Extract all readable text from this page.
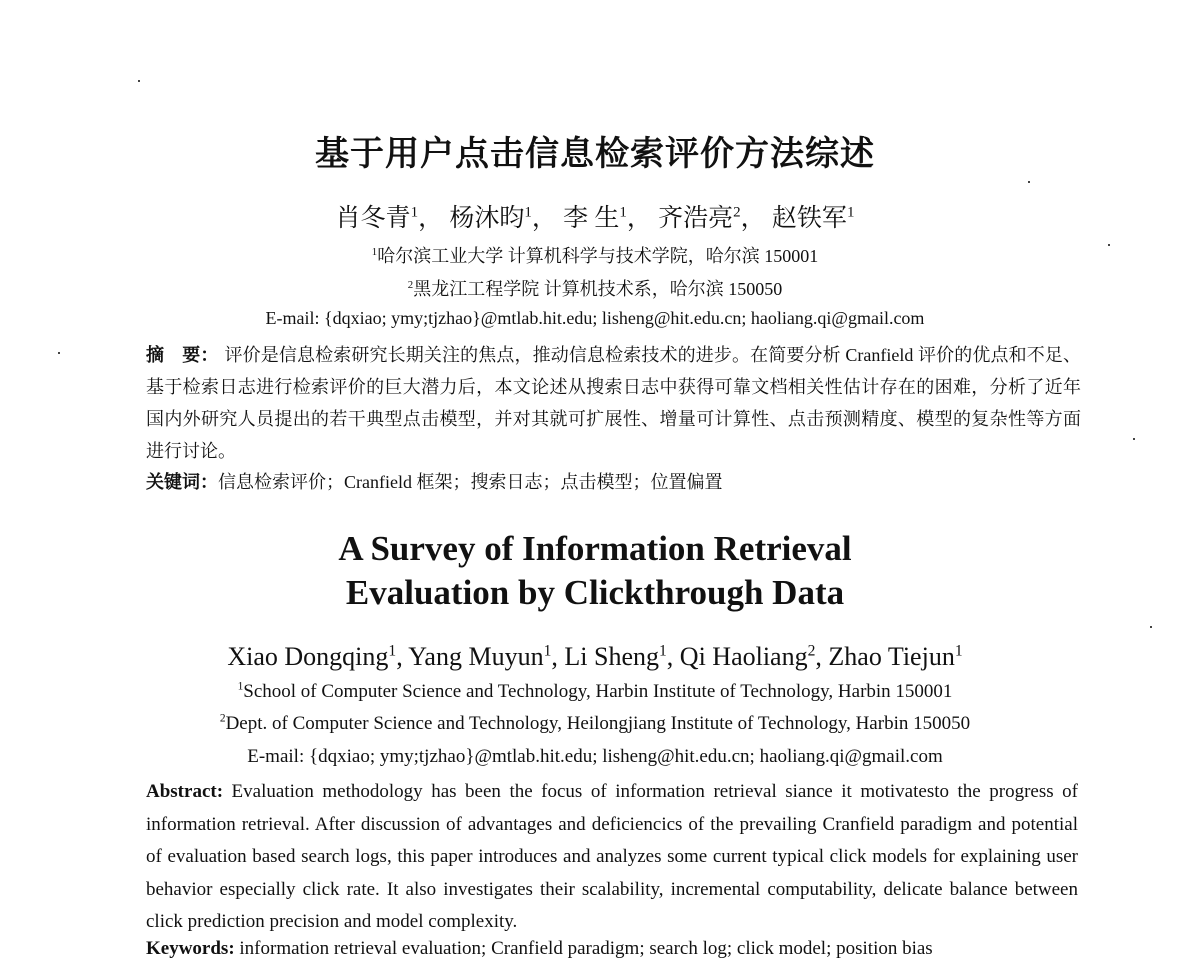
基于用户点击信息检索评价方法综述
肖冬青$^1$， 杨沐昀$^1$， 李 生$^1$， 齐浩亮$^2$， 赵铁军$^1$
$^1$哈尔滨工业大学 计算机科学与技术学院，哈尔滨 150001
$^2$黑龙江工程学院 计算机技术系，哈尔滨 150050
E-mail: {dqxiao; ymy;tjzhao}@mtlab.hit.edu; lisheng@hit.edu.cn; haoliang.qi@gmail.com
摘　要： 评价是信息检索研究长期关注的焦点，推动信息检索技术的进步。在简要分析 Cranfield 评价的优点和不足、基于检索日志进行检索评价的巨大潜力后，本文论述从搜索日志中获得可靠文档相关性估计存在的困难，分析了近年国内外研究人员提出的若干典型点击模型，并对其就可扩展性、增量可计算性、点击预测精度、模型的复杂性等方面进行讨论。
关键词：信息检索评价；Cranfield 框架；搜索日志；点击模型；位置偏置
A Survey of Information Retrieval Evaluation by Clickthrough Data
Xiao Dongqing$^1$, Yang Muyun$^1$, Li Sheng$^1$, Qi Haoliang$^2$, Zhao Tiejun$^1$
$^1$School of Computer Science and Technology, Harbin Institute of Technology, Harbin 150001
$^2$Dept. of Computer Science and Technology, Heilongjiang Institute of Technology, Harbin 150050
E-mail: {dqxiao; ymy;tjzhao}@mtlab.hit.edu; lisheng@hit.edu.cn; haoliang.qi@gmail.com
Abstract: Evaluation methodology has been the focus of information retrieval siance it motivatesto the progress of information retrieval. After discussion of advantages and deficiencics of the prevailing Cranfield paradigm and potential of evaluation based search logs, this paper introduces and analyzes some current typical click models for explaining user behavior especially click rate. It also investigates their scalability, incremental computability, delicate balance between click prediction precision and model complexity.
Keywords: information retrieval evaluation; Cranfield paradigm; search log; click model; position bias
